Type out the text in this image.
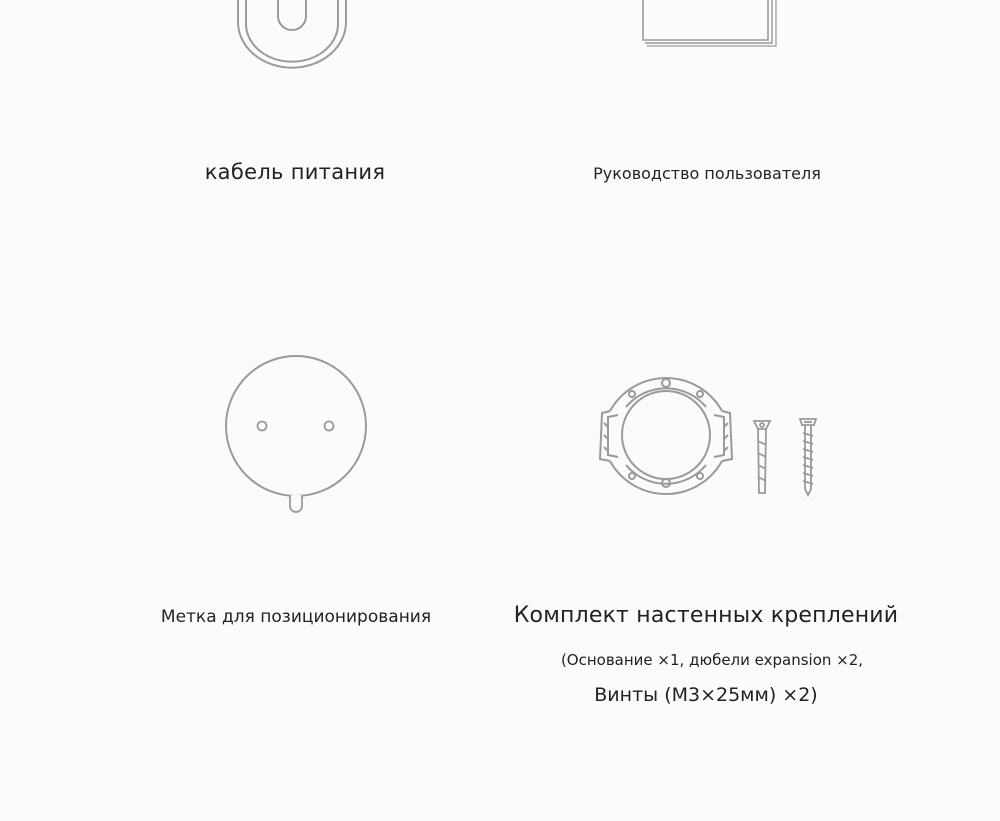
кабель питания	Руководство пользователя
Метка для позиционирования	Комплект настенных креплений
(Основание ×1, дюбели expansion ×2,
Винты (M3×25мм) ×2)
